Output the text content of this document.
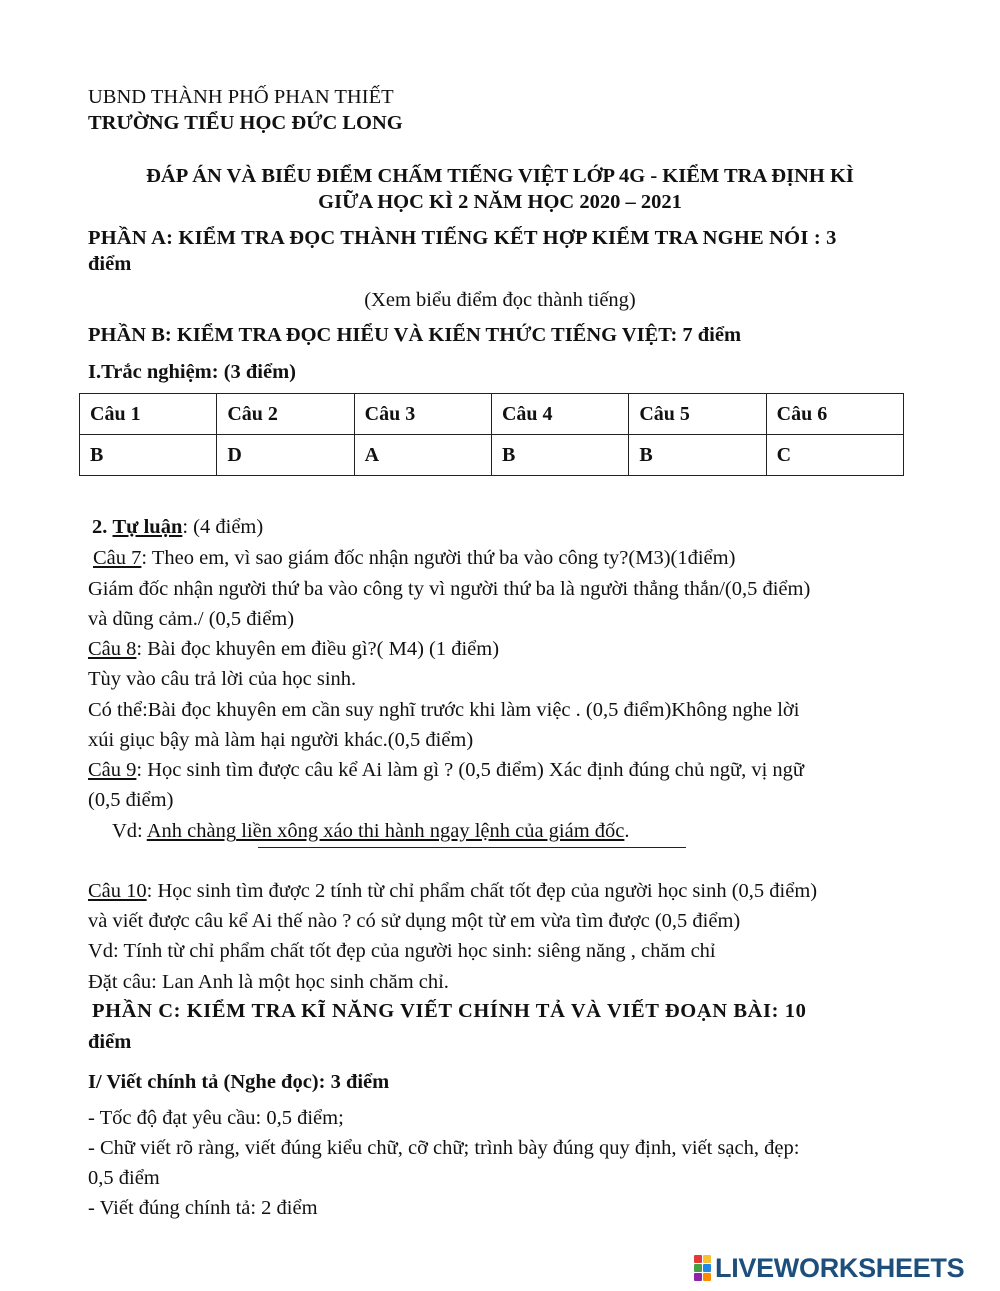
UBND THÀNH PHỐ PHAN THIẾT
TRƯỜNG TIỂU HỌC ĐỨC LONG
ĐÁP ÁN VÀ BIỂU ĐIỂM CHẤM TIẾNG VIỆT LỚP 4G - KIỂM TRA ĐỊNH KÌ
GIỮA HỌC KÌ 2 NĂM HỌC 2020 – 2021
PHẦN A: KIỂM TRA ĐỌC THÀNH TIẾNG KẾT HỢP KIỂM TRA NGHE NÓI : 3
điểm
(Xem biểu điểm đọc thành tiếng)
PHẦN B: KIỂM TRA ĐỌC HIỂU VÀ KIẾN THỨC TIẾNG VIỆT: 7 điểm
I.Trắc nghiệm: (3 điểm)
Câu 1	Câu 2	Câu 3	Câu 4	Câu 5	Câu 6
B	D	A	B	B	C
2. Tự luận: (4 điểm)
Câu 7: Theo em, vì sao giám đốc nhận người thứ ba vào công ty?(M3)(1điểm)
Giám đốc nhận người thứ ba vào công ty vì người thứ ba là người thẳng thắn/(0,5 điểm)
và dũng cảm./ (0,5 điểm)
Câu 8: Bài đọc khuyên em điều gì?( M4) (1 điểm)
Tùy vào câu trả lời của học sinh.
Có thể:Bài đọc khuyên em cần suy nghĩ trước khi làm việc . (0,5 điểm)Không nghe lời
xúi giục bậy mà làm hại người khác.(0,5 điểm)
Câu 9: Học sinh tìm được câu kể Ai làm gì ? (0,5 điểm) Xác định đúng chủ ngữ, vị ngữ
(0,5 điểm)
Vd: Anh chàng liền xông xáo thi hành ngay lệnh của giám đốc.
Câu 10: Học sinh tìm được 2 tính từ chỉ phẩm chất tốt đẹp của người học sinh (0,5 điểm)
và viết được câu kể Ai thế nào ? có sử dụng một từ em vừa tìm được (0,5 điểm)
Vd: Tính từ chỉ phẩm chất tốt đẹp của người học sinh: siêng năng , chăm chỉ
Đặt câu: Lan Anh là một học sinh chăm chỉ.
PHẦN C: KIỂM TRA KĨ NĂNG VIẾT CHÍNH TẢ VÀ VIẾT ĐOẠN BÀI: 10
điểm
I/ Viết chính tả (Nghe đọc): 3 điểm
- Tốc độ đạt yêu cầu: 0,5 điểm;
- Chữ viết rõ ràng, viết đúng kiểu chữ, cỡ chữ; trình bày đúng quy định, viết sạch, đẹp:
0,5 điểm
- Viết đúng chính tả: 2 điểm
LIVEWORKSHEETS
